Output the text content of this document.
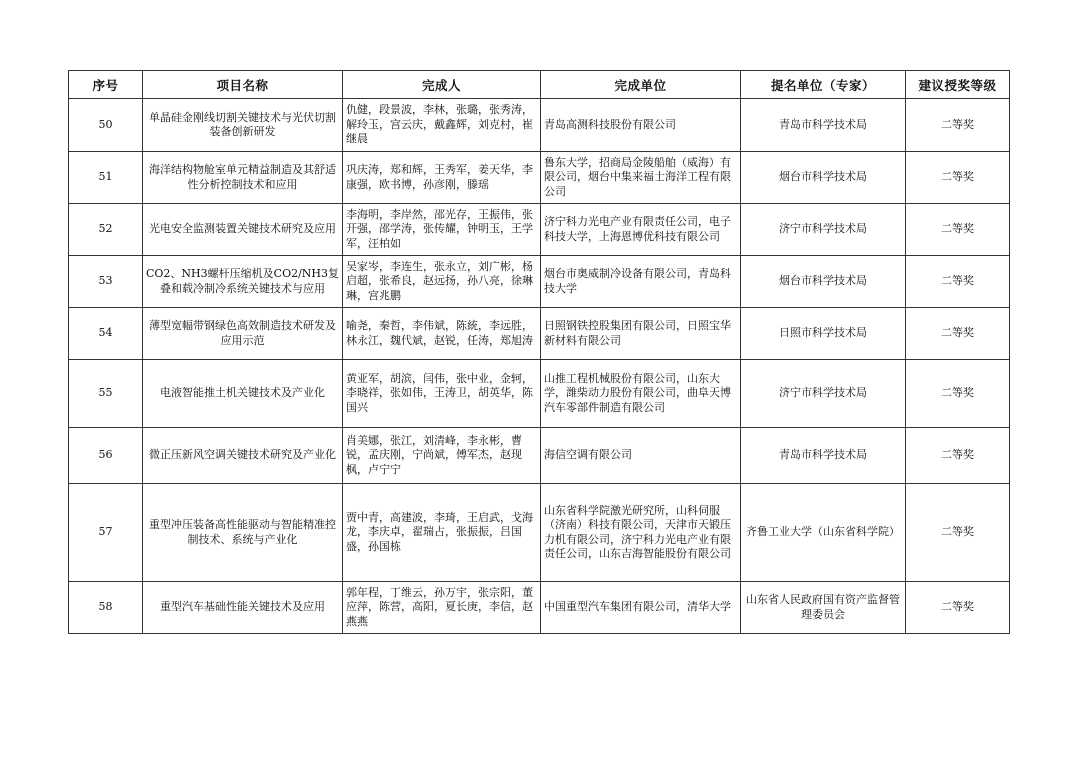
序号	项目名称	完成人	完成单位	提名单位（专家）	建议授奖等级
50	单晶硅金刚线切割关键技术与光伏切割装备创新研发	仇健，段景波，李林，张璐，张秀涛，解玲玉，宫云庆，戴鑫辉，刘克村，崔继晨	青岛高测科技股份有限公司	青岛市科学技术局	二等奖
51	海洋结构物舱室单元精益制造及其舒适性分析控制技术和应用	巩庆涛，郑和辉，王秀军，姜天华，李康强，欧书博，孙彦刚，滕瑶	鲁东大学，招商局金陵船舶（威海）有限公司，烟台中集来福士海洋工程有限公司	烟台市科学技术局	二等奖
52	光电安全监测装置关键技术研究及应用	李海明，李岸然，邵光存，王振伟，张开强，邵学涛，张传耀，钟明玉，王学军，汪柏如	济宁科力光电产业有限责任公司，电子科技大学，上海恩博优科技有限公司	济宁市科学技术局	二等奖
53	CO2、NH3螺杆压缩机及CO2/NH3复叠和载冷制冷系统关键技术与应用	吴家岑，李连生，张永立，刘广彬，杨启超，张希良，赵远扬，孙八亮，徐琳琳，宫兆鹏	烟台市奥威制冷设备有限公司，青岛科技大学	烟台市科学技术局	二等奖
54	薄型宽幅带钢绿色高效制造技术研发及应用示范	喻尧，秦哲，李伟斌，陈統，李远胜，林永江，魏代斌，赵锐，任涛，郑旭涛	日照钢铁控股集团有限公司，日照宝华新材料有限公司	日照市科学技术局	二等奖
55	电液智能推土机关键技术及产业化	黄亚军，胡滨，闫伟，张中业，金轲，李晓祥，张如伟，王涛卫，胡英华，陈国兴	山推工程机械股份有限公司，山东大学，潍柴动力股份有限公司，曲阜天博汽车零部件制造有限公司	济宁市科学技术局	二等奖
56	微正压新风空调关键技术研究及产业化	肖美娜，张江，刘清峰，李永彬，曹锐，孟庆刚，宁尚斌，傅军杰，赵现枫，卢宁宁	海信空调有限公司	青岛市科学技术局	二等奖
57	重型冲压装备高性能驱动与智能精准控制技术、系统与产业化	贾中青，高建波，李琦，王启武，戈海龙，李庆卓，翟瑞占，张振振，吕国盛，孙国栋	山东省科学院激光研究所，山科伺服（济南）科技有限公司，天津市天锻压力机有限公司，济宁科力光电产业有限责任公司，山东吉海智能股份有限公司	齐鲁工业大学（山东省科学院）	二等奖
58	重型汽车基础性能关键技术及应用	郭年程，丁维云，孙万宇，张宗阳，董应萍，陈营，高阳，夏长庚，李信，赵燕燕	中国重型汽车集团有限公司，清华大学	山东省人民政府国有资产监督管理委员会	二等奖
